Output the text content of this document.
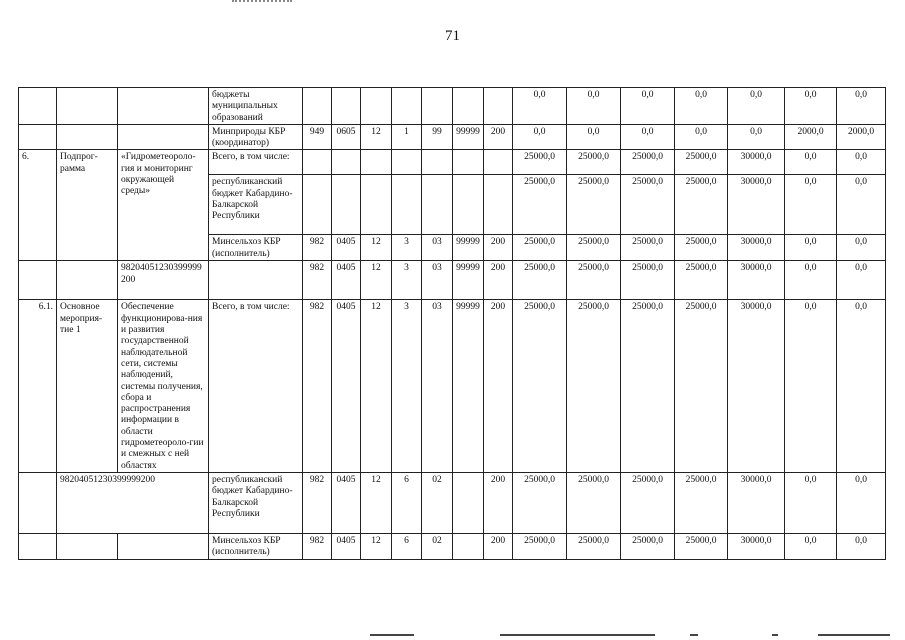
71
			бюджеты муниципальных образований								0,0	0,0	0,0	0,0	0,0	0,0	0,0
			Минприроды КБР (координатор)	949	0605	12	1	99	99999	200	0,0	0,0	0,0	0,0	0,0	2000,0	2000,0
6.	Подпрог-рамма	«Гидрометеороло-гия и мониторинг окружающей среды»	Всего, в том числе:								25000,0	25000,0	25000,0	25000,0	30000,0	0,0	0,0
			республиканский бюджет Кабардино-Балкарской Республики								25000,0	25000,0	25000,0	25000,0	30000,0	0,0	0,0
			Минсельхоз КБР (исполнитель)	982	0405	12	3	03	99999	200	25000,0	25000,0	25000,0	25000,0	30000,0	0,0	0,0
		98204051230399999200		982	0405	12	3	03	99999	200	25000,0	25000,0	25000,0	25000,0	30000,0	0,0	0,0
6.1.	Основное мероприя-тие 1	Обеспечение функционирова-ния и развития государственной наблюдательной сети, системы наблюдений, системы получения, сбора и распространения информации в области гидрометеороло-гии и смежных с ней областях	Всего, в том числе:	982	0405	12	3	03	99999	200	25000,0	25000,0	25000,0	25000,0	30000,0	0,0	0,0
	98204051230399999200		республиканский бюджет Кабардино-Балкарской Республики	982	0405	12	6	02		200	25000,0	25000,0	25000,0	25000,0	30000,0	0,0	0,0
			Минсельхоз КБР (исполнитель)	982	0405	12	6	02		200	25000,0	25000,0	25000,0	25000,0	30000,0	0,0	0,0
